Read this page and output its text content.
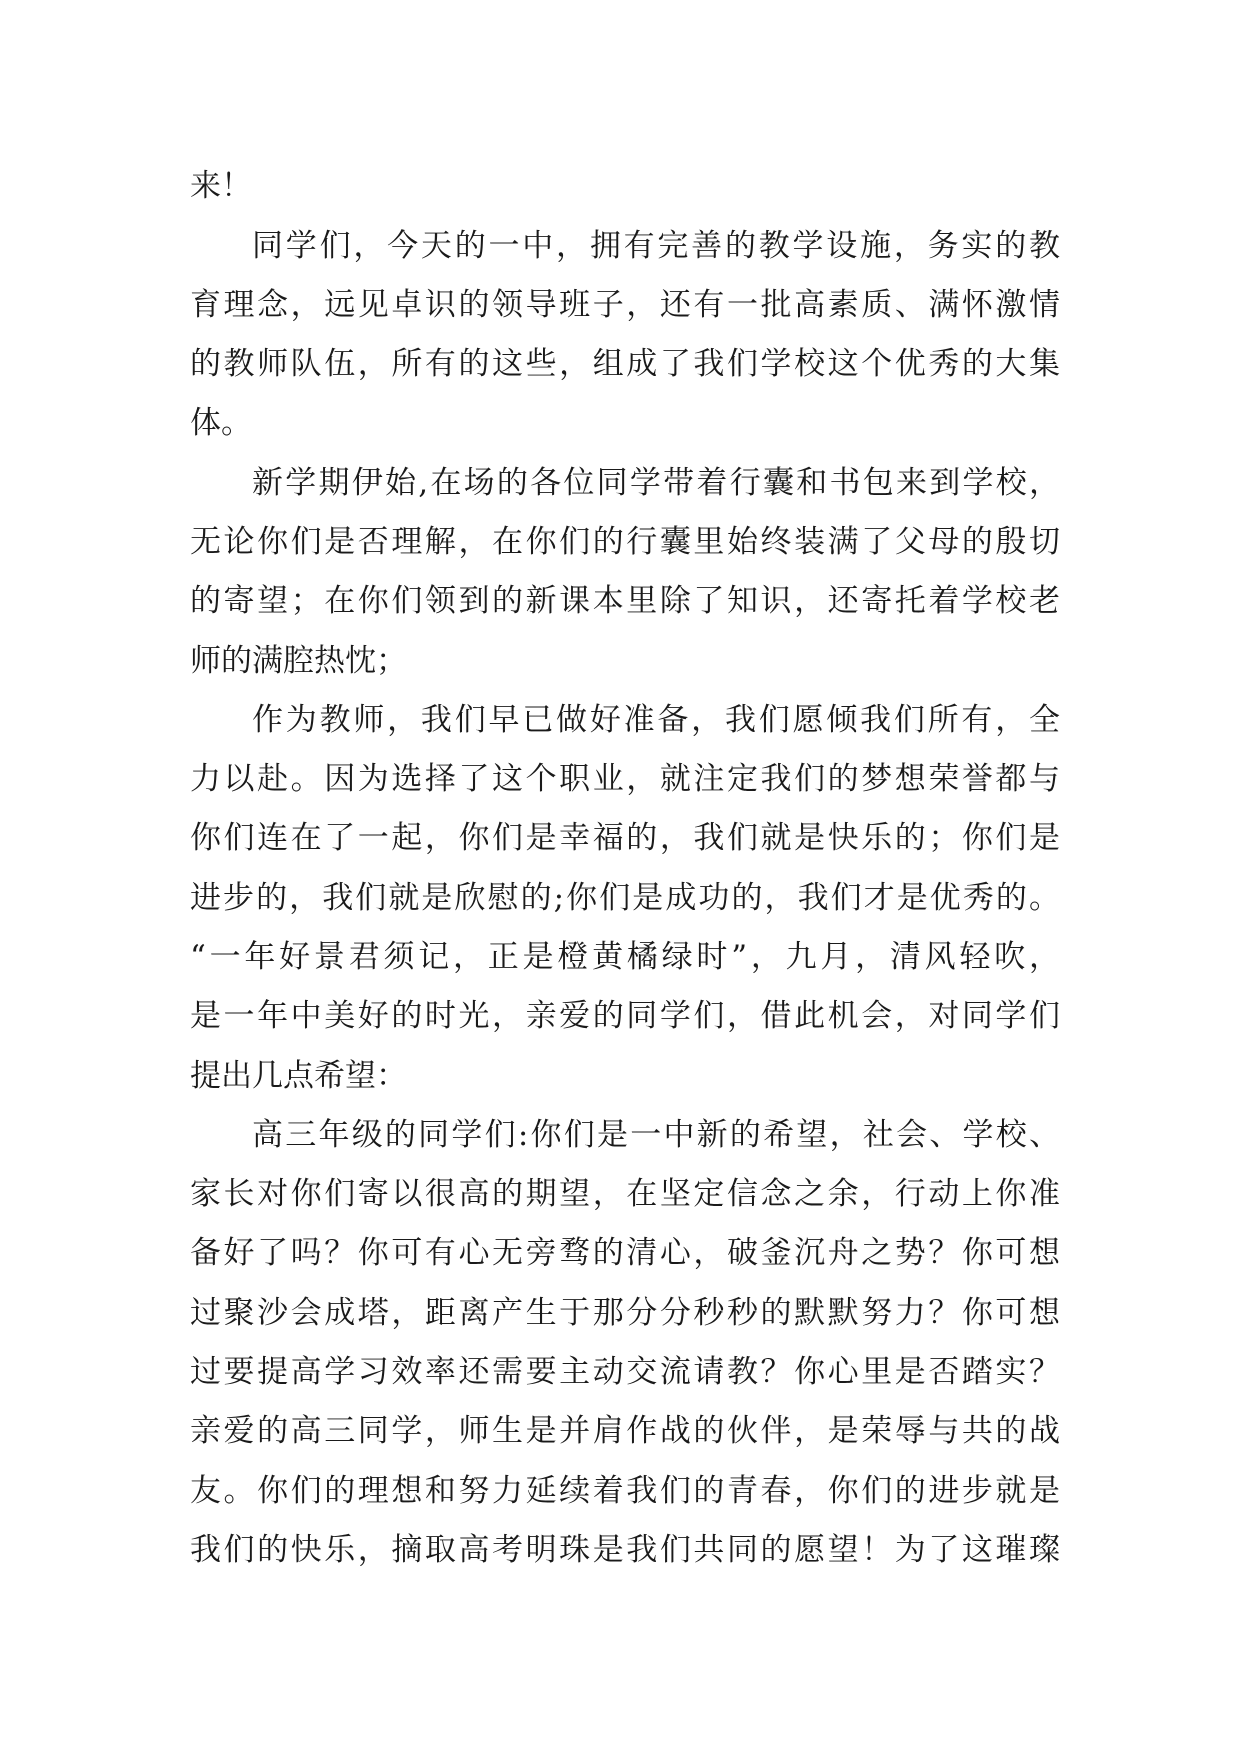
来！

同学们，今天的一中，拥有完善的教学设施，务实的教

育理念，远见卓识的领导班子，还有一批高素质、满怀激情

的教师队伍，所有的这些，组成了我们学校这个优秀的大集

体。

新学期伊始,在场的各位同学带着行囊和书包来到学校，

无论你们是否理解，在你们的行囊里始终装满了父母的殷切

的寄望；在你们领到的新课本里除了知识，还寄托着学校老

师的满腔热忱；

作为教师，我们早已做好准备，我们愿倾我们所有，全

力以赴。因为选择了这个职业，就注定我们的梦想荣誉都与

你们连在了一起，你们是幸福的，我们就是快乐的；你们是

进步的，我们就是欣慰的;你们是成功的，我们才是优秀的。

“一年好景君须记，正是橙黄橘绿时”，九月，清风轻吹，

是一年中美好的时光，亲爱的同学们，借此机会，对同学们

提出几点希望：

高三年级的同学们:你们是一中新的希望，社会、学校、

家长对你们寄以很高的期望，在坚定信念之余，行动上你准

备好了吗？你可有心无旁骛的清心，破釜沉舟之势？你可想

过聚沙会成塔，距离产生于那分分秒秒的默默努力？你可想

过要提高学习效率还需要主动交流请教？你心里是否踏实？

亲爱的高三同学，师生是并肩作战的伙伴，是荣辱与共的战

友。你们的理想和努力延续着我们的青春，你们的进步就是

我们的快乐，摘取高考明珠是我们共同的愿望！为了这璀璨
